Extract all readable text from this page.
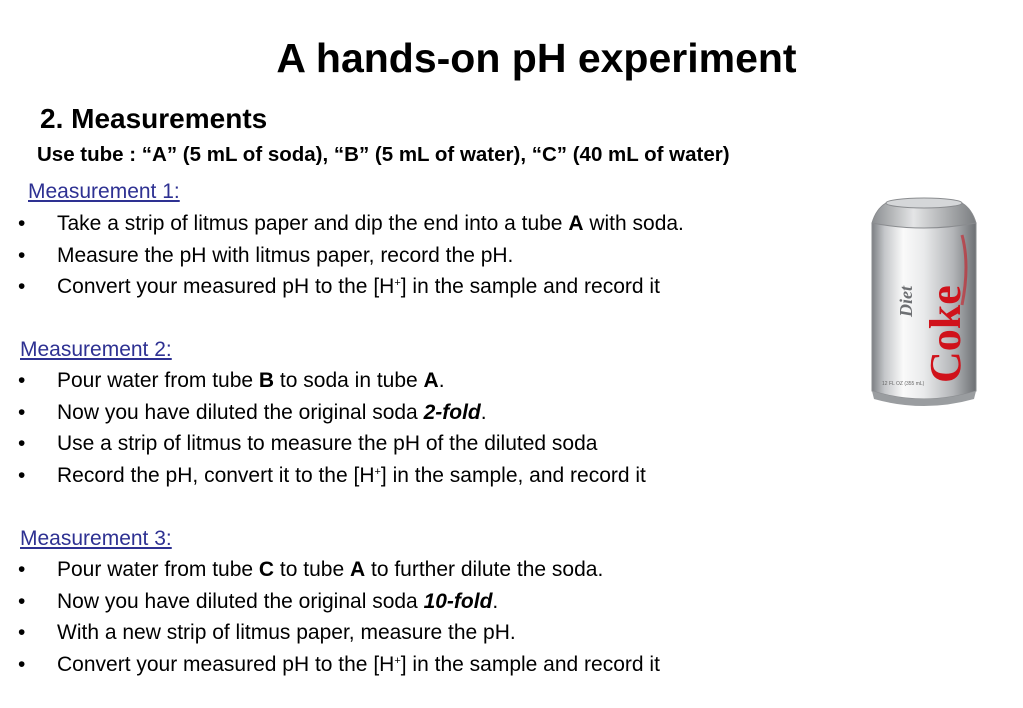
A hands-on pH experiment
2. Measurements
Use tube : “A” (5 mL of soda), “B” (5 mL of water), “C” (40 mL of water)
Measurement 1:
• Take a strip of litmus paper and dip the end into a tube A with soda.
• Measure the pH with litmus paper, record the pH.
• Convert your measured pH to the [H+] in the sample and record it
Measurement 2:
• Pour water from tube B to soda in tube A.
• Now you have diluted the original soda 2-fold.
• Use a strip of litmus to measure the pH of the diluted soda
• Record the pH, convert it to the [H+] in the sample, and record it
Measurement 3:
• Pour water from tube C to tube A to further dilute the soda.
• Now you have diluted the original soda 10-fold.
• With a new strip of litmus paper, measure the pH.
• Convert your measured pH to the [H+] in the sample and record it
Diet Coke
12 FL OZ (355 mL)
